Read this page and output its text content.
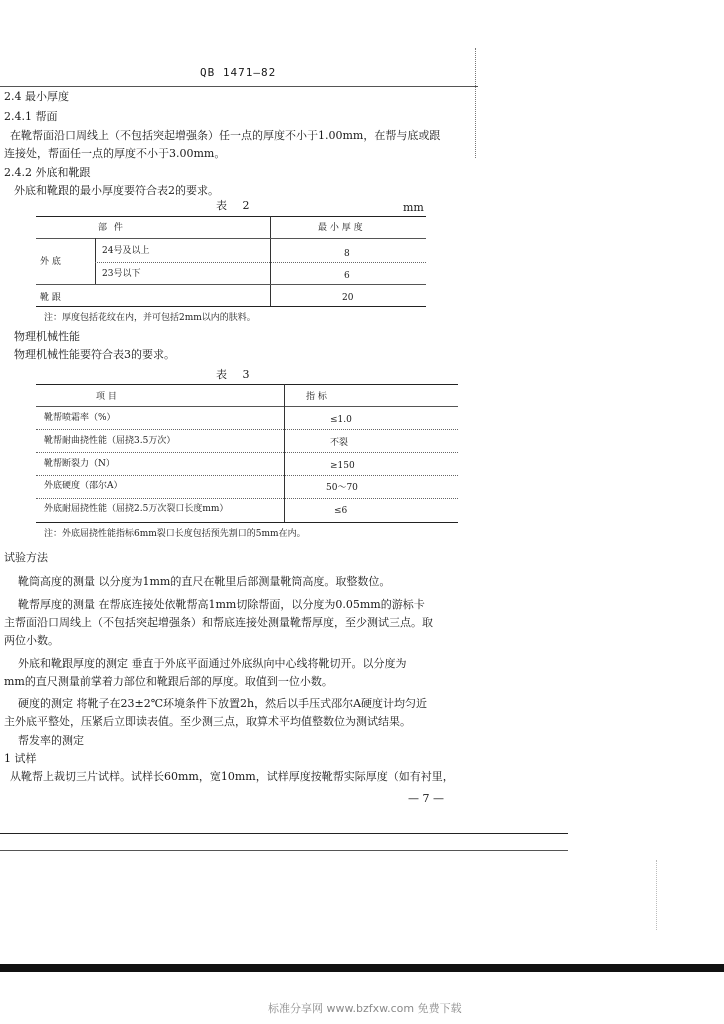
QB 1471—82
2.4 最小厚度
2.4.1 帮面
在靴帮面沿口周线上（不包括突起增强条）任一点的厚度不小于1.00mm，在帮与底或跟
连接处，帮面任一点的厚度不小于3.00mm。
2.4.2 外底和靴跟
外底和靴跟的最小厚度要符合表2的要求。
表 2	mm
部 件	最 小 厚 度
外 底
24号及以上	8
23号以下	6
靴 跟	20
注：厚度包括花纹在内，并可包括2mm以内的肤料。
物理机械性能
物理机械性能要符合表3的要求。
表 3
项 目	指 标
靴帮喷霜率（%）	≤1.0
靴帮耐曲挠性能（屈挠3.5万次）	不裂
靴帮断裂力（N）	≥150
外底硬度（邵尔A）	50～70
外底耐屈挠性能（屈挠2.5万次裂口长度mm）	≤6
注：外底屈挠性能指标6mm裂口长度包括预先割口的5mm在内。
试验方法
靴筒高度的测量 以分度为1mm的直尺在靴里后部测量靴筒高度。取整数位。
靴帮厚度的测量 在帮底连接处依靴帮高1mm切除帮面，以分度为0.05mm的游标卡
主帮面沿口周线上（不包括突起增强条）和帮底连接处测量靴帮厚度，至少测试三点。取
两位小数。
外底和靴跟厚度的测定 垂直于外底平面通过外底纵向中心线将靴切开。以分度为
mm的直尺测量前掌着力部位和靴跟后部的厚度。取值到一位小数。
硬度的测定 将靴子在23±2℃环境条件下放置2h，然后以手压式邵尔A硬度计均匀近
主外底平整处，压紧后立即读表值。至少测三点，取算术平均值整数位为测试结果。
帮发率的测定
1 试样
从靴帮上裁切三片试样。试样长60mm，宽10mm，试样厚度按靴帮实际厚度（如有衬里，
— 7 —
标准分享网 www.bzfxw.com 免费下载
